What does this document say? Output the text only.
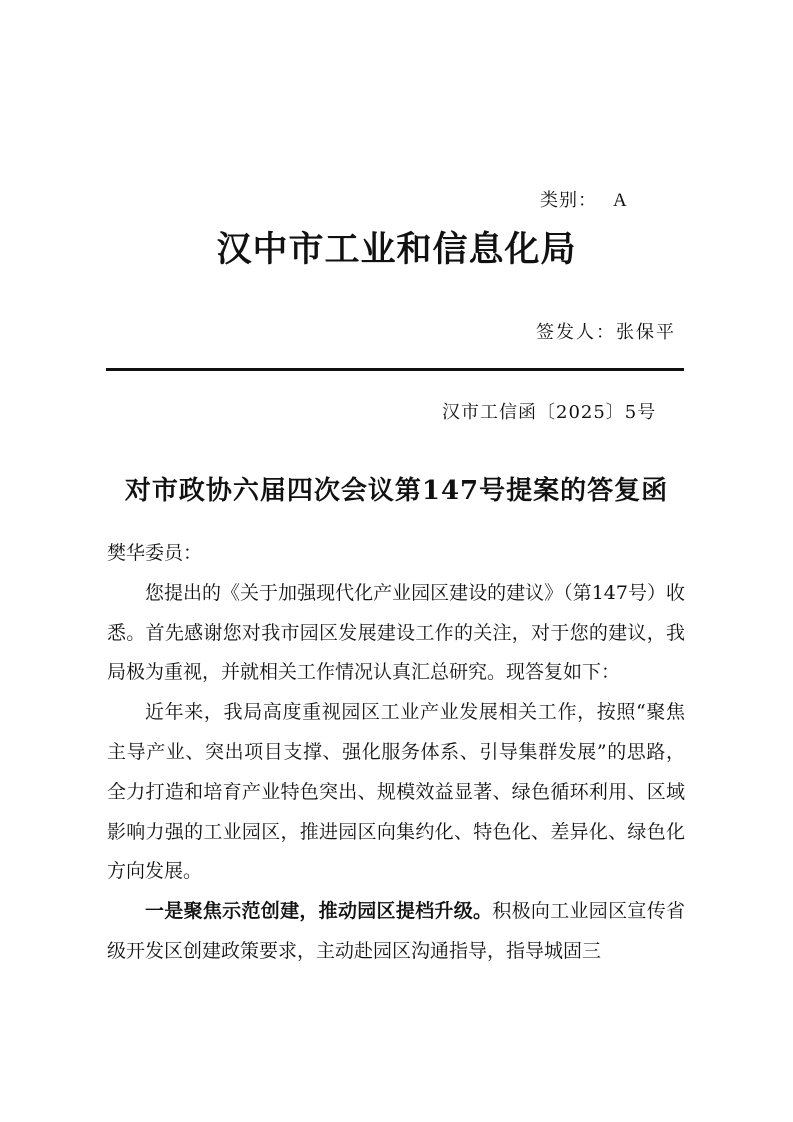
类别： A
汉中市工业和信息化局
签发人：张保平
汉市工信函〔2025〕5号
对市政协六届四次会议第147号提案的答复函

樊华委员：

您提出的《关于加强现代化产业园区建设的建议》（第147号）收悉。首先感谢您对我市园区发展建设工作的关注，对于您的建议，我局极为重视，并就相关工作情况认真汇总研究。现答复如下：

近年来，我局高度重视园区工业产业发展相关工作，按照“聚焦主导产业、突出项目支撑、强化服务体系、引导集群发展”的思路，全力打造和培育产业特色突出、规模效益显著、绿色循环利用、区域影响力强的工业园区，推进园区向集约化、特色化、差异化、绿色化方向发展。

一是聚焦示范创建，推动园区提档升级。积极向工业园区宣传省级开发区创建政策要求，主动赴园区沟通指导，指导城固三
